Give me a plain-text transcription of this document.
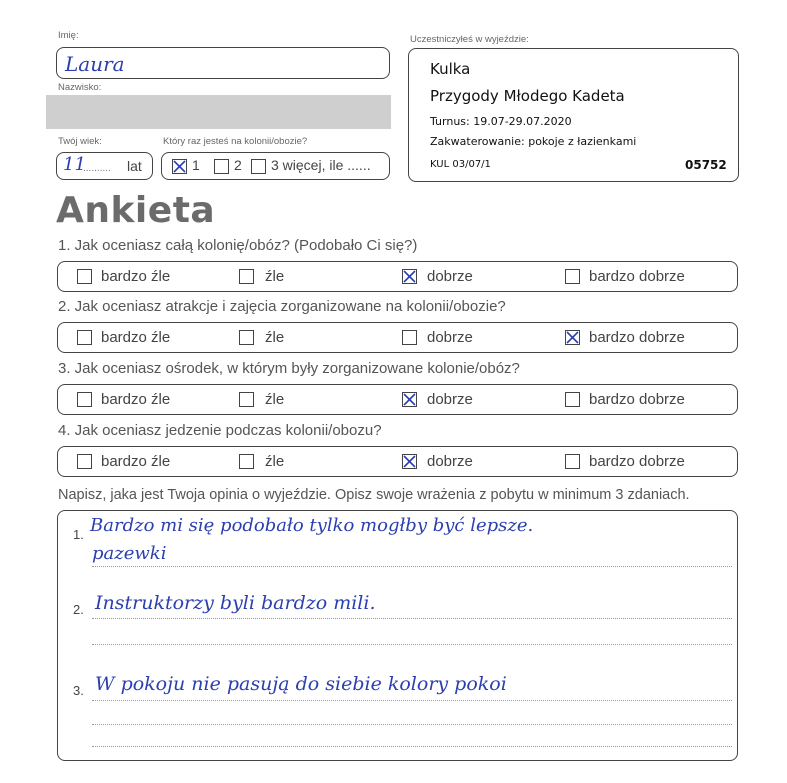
Imię:
Laura
Nazwisko:
Twój wiek:
11
.......... lat
Który raz jesteś na kolonii/obozie?
1 2 3 więcej, ile ......
Uczestniczyłeś w wyjeździe:
Kulka
Przygody Młodego Kadeta
Turnus: 19.07-29.07.2020
Zakwaterowanie: pokoje z łazienkami
KUL 03/07/1	05752
Ankieta
1. Jak oceniasz całą kolonię/obóz? (Podobało Ci się?)
bardzo źle	źle	dobrze	bardzo dobrze
2. Jak oceniasz atrakcje i zajęcia zorganizowane na kolonii/obozie?
bardzo źle	źle	dobrze	bardzo dobrze
3. Jak oceniasz ośrodek, w którym były zorganizowane kolonie/obóz?
bardzo źle	źle	dobrze	bardzo dobrze
4. Jak oceniasz jedzenie podczas kolonii/obozu?
bardzo źle	źle	dobrze	bardzo dobrze
Napisz, jaka jest Twoja opinia o wyjeździe. Opisz swoje wrażenia z pobytu w minimum 3 zdaniach.
1. Bardzo mi się podobało tylko mogłby być lepsze.
pazewki
2. Instruktorzy byli bardzo mili.
3. W pokoju nie pasują do siebie kolory pokoi
